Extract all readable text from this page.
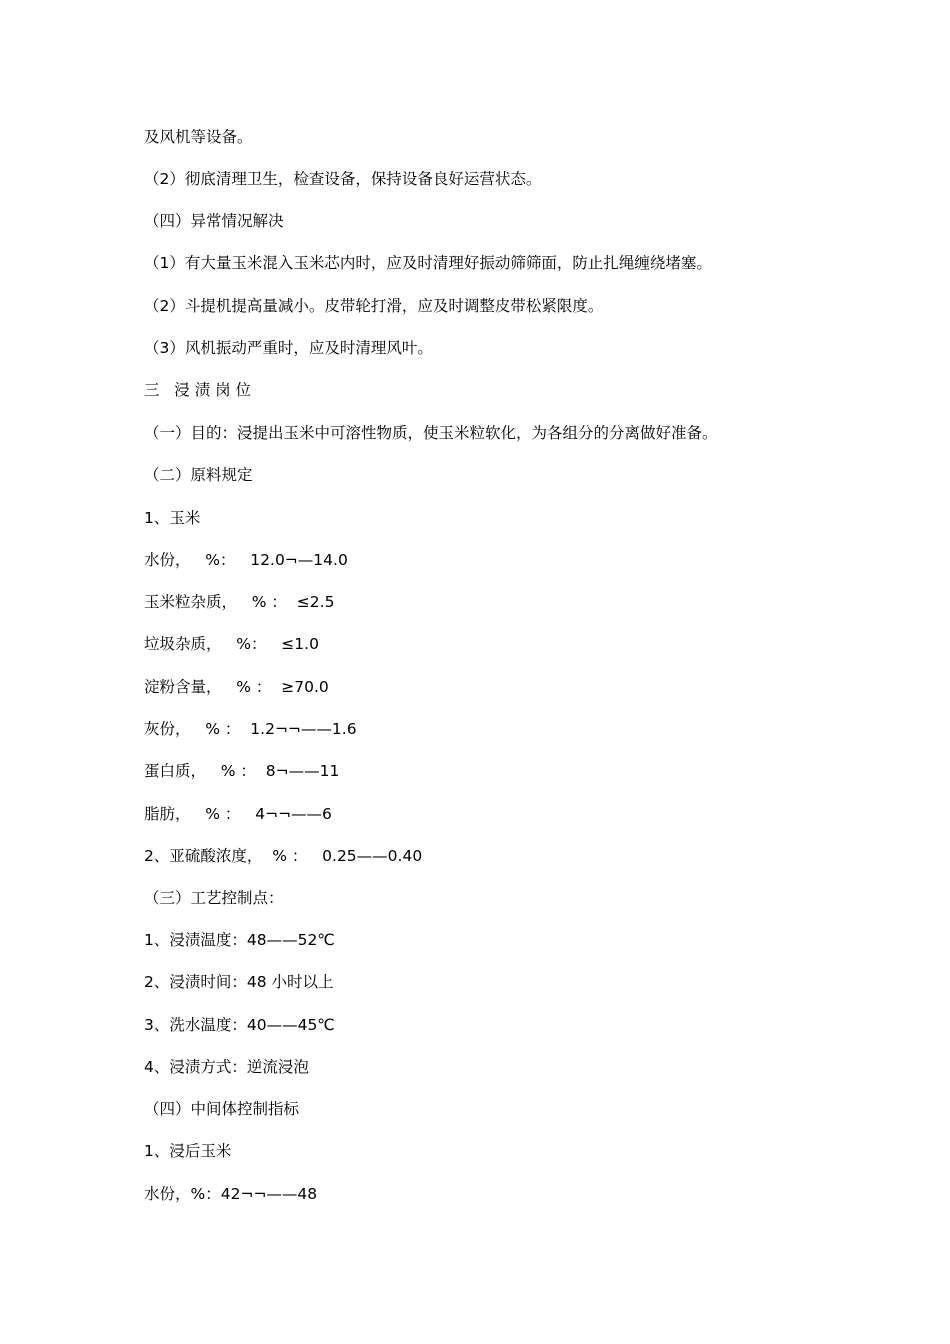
及风机等设备。

（2）彻底清理卫生，检查设备，保持设备良好运营状态。

（四）异常情况解决

（1）有大量玉米混入玉米芯内时，应及时清理好振动筛筛面，防止扎绳缠绕堵塞。

（2）斗提机提高量减小。皮带轮打滑，应及时调整皮带松紧限度。

（3）风机振动严重时，应及时清理风叶。

三   浸 渍 岗 位

（一）目的：浸提出玉米中可溶性物质，使玉米粒软化，为各组分的分离做好准备。

（二）原料规定

1、玉米

水份，   %：   12.0¬—14.0

玉米粒杂质，   % ：  ≤2.5

垃圾杂质，   %：   ≤1.0

淀粉含量，   % ：  ≥70.0

灰份，   % ：  1.2¬¬——1.6

蛋白质，   % ：  8¬——11

脂肪，   % ：   4¬¬——6

2、亚硫酸浓度，  % ：   0.25——0.40

（三）工艺控制点：

1、浸渍温度：48——52℃

2、浸渍时间：48 小时以上

3、洗水温度：40——45℃

4、浸渍方式：逆流浸泡

（四）中间体控制指标

1、浸后玉米

水份，%：42¬¬——48
